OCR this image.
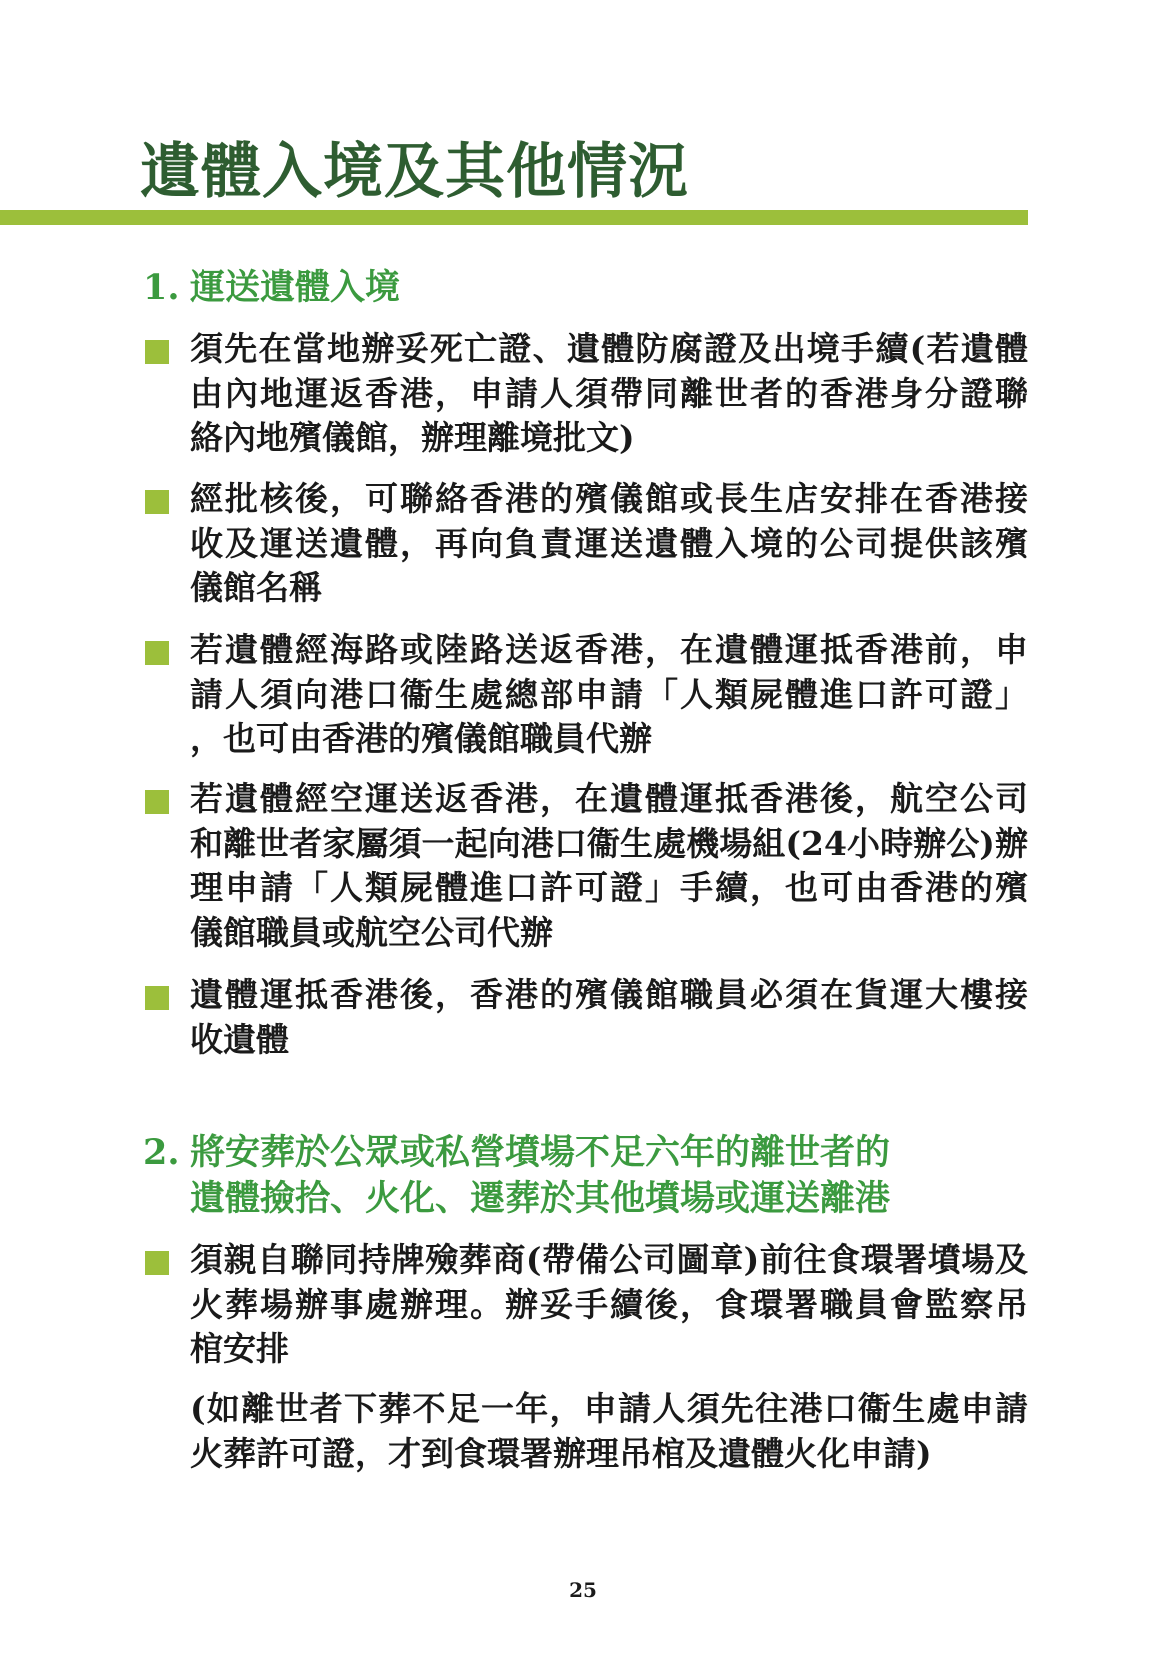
遺體入境及其他情況
1. 運送遺體入境
須先在當地辦妥死亡證、遺體防腐證及出境手續(若遺體
由內地運返香港，申請人須帶同離世者的香港身分證聯
絡內地殯儀館，辦理離境批文)
經批核後，可聯絡香港的殯儀館或長生店安排在香港接
收及運送遺體，再向負責運送遺體入境的公司提供該殯
儀館名稱
若遺體經海路或陸路送返香港，在遺體運抵香港前，申
請人須向港口衞生處總部申請「人類屍體進口許可證」
，也可由香港的殯儀館職員代辦
若遺體經空運送返香港，在遺體運抵香港後，航空公司
和離世者家屬須一起向港口衞生處機場組(24小時辦公)辦
理申請「人類屍體進口許可證」手續，也可由香港的殯
儀館職員或航空公司代辦
遺體運抵香港後，香港的殯儀館職員必須在貨運大樓接
收遺體
2. 將安葬於公眾或私營墳場不足六年的離世者的
遺體撿拾、火化、遷葬於其他墳場或運送離港
須親自聯同持牌殮葬商(帶備公司圖章)前往食環署墳場及
火葬場辦事處辦理。辦妥手續後，食環署職員會監察吊
棺安排
(如離世者下葬不足一年，申請人須先往港口衞生處申請
火葬許可證，才到食環署辦理吊棺及遺體火化申請)
25
